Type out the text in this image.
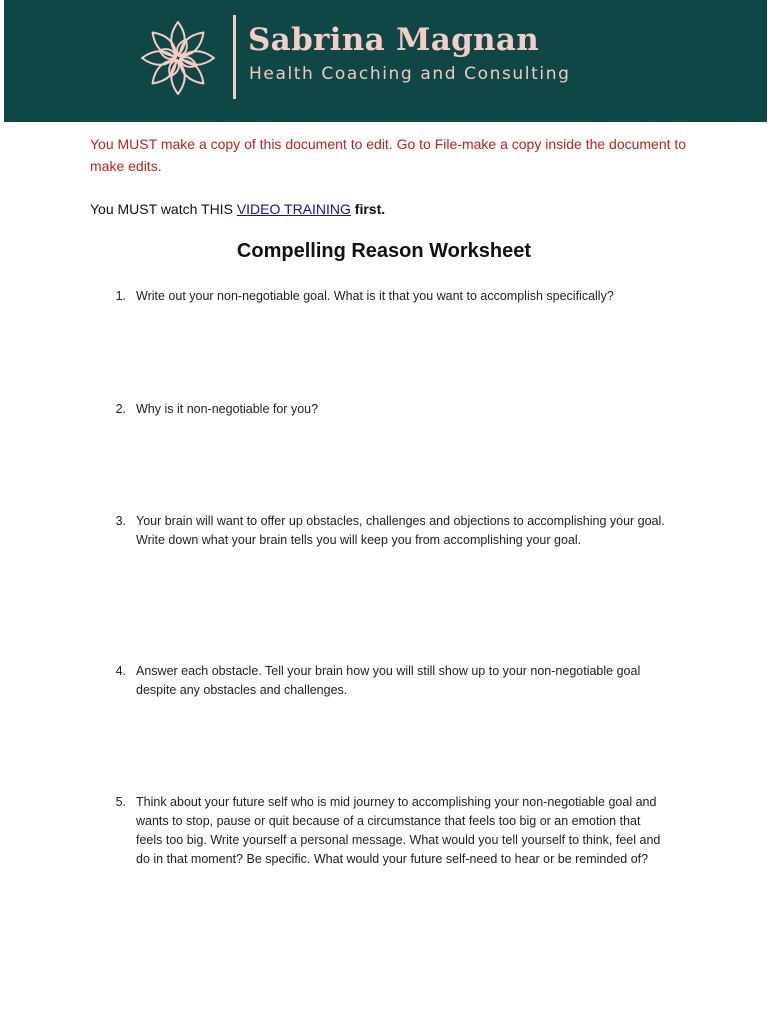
Sabrina Magnan
Health Coaching and Consulting
You MUST make a copy of this document to edit. Go to File-make a copy inside the document to make edits.
You MUST watch THIS VIDEO TRAINING first.
Compelling Reason Worksheet
1. Write out your non-negotiable goal. What is it that you want to accomplish specifically?
2. Why is it non-negotiable for you?
3. Your brain will want to offer up obstacles, challenges and objections to accomplishing your goal. Write down what your brain tells you will keep you from accomplishing your goal.
4. Answer each obstacle. Tell your brain how you will still show up to your non-negotiable goal despite any obstacles and challenges.
5. Think about your future self who is mid journey to accomplishing your non-negotiable goal and wants to stop, pause or quit because of a circumstance that feels too big or an emotion that feels too big. Write yourself a personal message. What would you tell yourself to think, feel and do in that moment? Be specific. What would your future self-need to hear or be reminded of?
